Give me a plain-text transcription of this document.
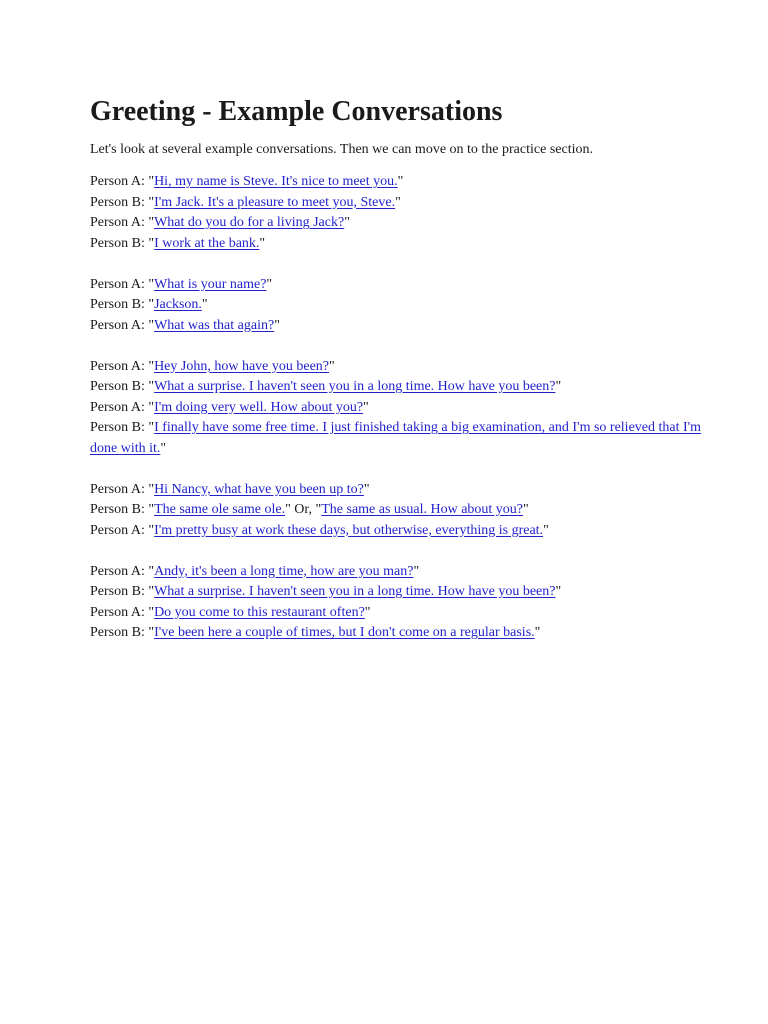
Greeting - Example Conversations

Let's look at several example conversations. Then we can move on to the practice section.

Person A: "Hi, my name is Steve. It's nice to meet you."

Person B: "I'm Jack. It's a pleasure to meet you, Steve."

Person A: "What do you do for a living Jack?"

Person B: "I work at the bank."

Person A: "What is your name?"

Person B: "Jackson."

Person A: "What was that again?"

Person A: "Hey John, how have you been?"

Person B: "What a surprise. I haven't seen you in a long time. How have you been?"

Person A: "I'm doing very well. How about you?"

Person B: "I finally have some free time. I just finished taking a big examination, and I'm so relieved that I'm done with it."

Person A: "Hi Nancy, what have you been up to?"

Person B: "The same ole same ole." Or, "The same as usual. How about you?"

Person A: "I'm pretty busy at work these days, but otherwise, everything is great."

Person A: "Andy, it's been a long time, how are you man?"

Person B: "What a surprise. I haven't seen you in a long time. How have you been?"

Person A: "Do you come to this restaurant often?"

Person B: "I've been here a couple of times, but I don't come on a regular basis."
